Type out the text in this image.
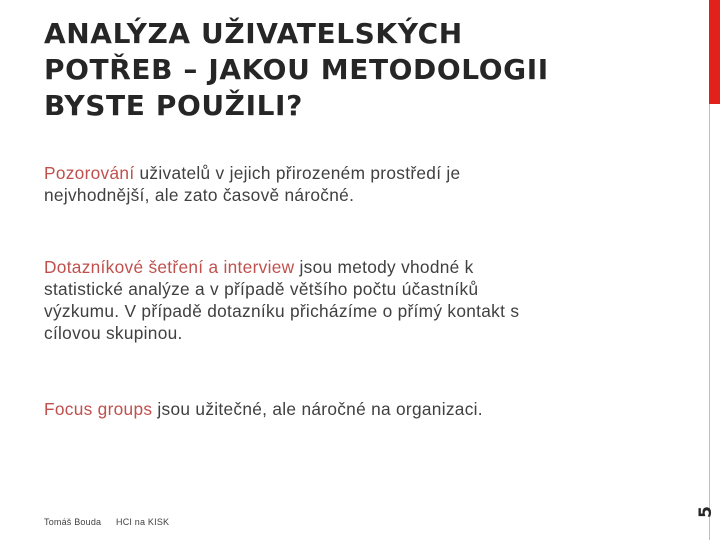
ANALÝZA UŽIVATELSKÝCH
POTŘEB – JAKOU METODOLOGII
BYSTE POUŽILI?
5

Pozorování uživatelů v jejich přirozeném prostředí je
nejvhodnější, ale zato časově náročné.

Dotazníkové šetření a interview jsou metody vhodné k
statistické analýze a v případě většího počtu účastníků
výzkumu. V případě dotazníku přicházíme o přímý kontakt s
cílovou skupinou.

Focus groups jsou užitečné, ale náročné na organizaci.

Tomáš Bouda HCI na KISK
